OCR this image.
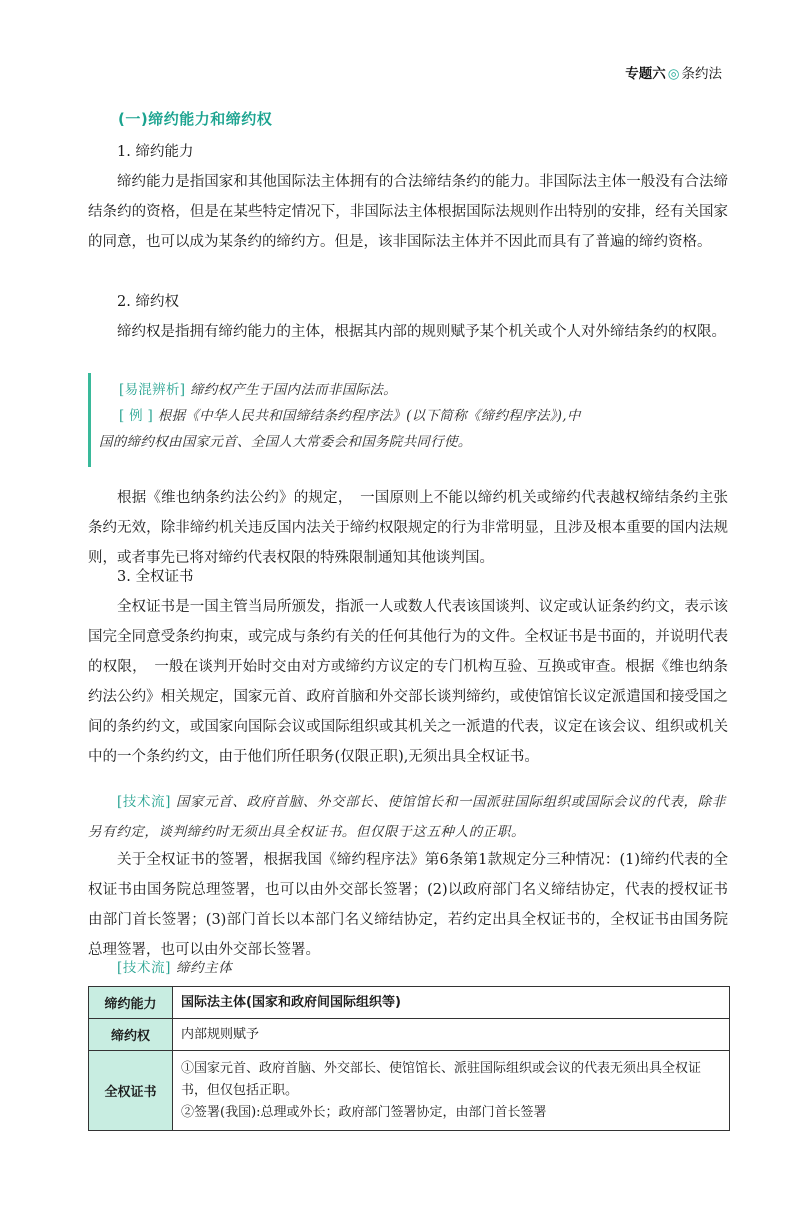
专题六 ◎ 条约法
(一)缔约能力和缔约权
1. 缔约能力

缔约能力是指国家和其他国际法主体拥有的合法缔结条约的能力。非国际法主体一般没有合法缔结条约的资格，但是在某些特定情况下，非国际法主体根据国际法规则作出特别的安排，经有关国家的同意，也可以成为某条约的缔约方。但是，该非国际法主体并不因此而具有了普遍的缔约资格。

2. 缔约权

缔约权是指拥有缔约能力的主体，根据其内部的规则赋予某个机关或个人对外缔结条约的权限。

[易混辨析] 缔约权产生于国内法而非国际法。
[ 例 ] 根据《中华人民共和国缔结条约程序法》(以下简称《缔约程序法》),中
国的缔约权由国家元首、全国人大常委会和国务院共同行使。

根据《维也纳条约法公约》的规定，　一国原则上不能以缔约机关或缔约代表越权缔结条约主张条约无效，除非缔约机关违反国内法关于缔约权限规定的行为非常明显，且涉及根本重要的国内法规则，或者事先已将对缔约代表权限的特殊限制通知其他谈判国。

3. 全权证书

全权证书是一国主管当局所颁发，指派一人或数人代表该国谈判、议定或认证条约约文，表示该国完全同意受条约拘束，或完成与条约有关的任何其他行为的文件。全权证书是书面的，并说明代表的权限，　一般在谈判开始时交由对方或缔约方议定的专门机构互验、互换或审查。根据《维也纳条约法公约》相关规定，国家元首、政府首脑和外交部长谈判缔约，或使馆馆长议定派遣国和接受国之间的条约约文，或国家向国际会议或国际组织或其机关之一派遣的代表，议定在该会议、组织或机关中的一个条约约文，由于他们所任职务(仅限正职),无须出具全权证书。

[技术流] 国家元首、政府首脑、外交部长、使馆馆长和一国派驻国际组织或国际会议的代表，除非另有约定，谈判缔约时无须出具全权证书。但仅限于这五种人的正职。

关于全权证书的签署，根据我国《缔约程序法》第6条第1款规定分三种情况：(1)缔约代表的全权证书由国务院总理签署，也可以由外交部长签署；(2)以政府部门名义缔结协定，代表的授权证书由部门首长签署；(3)部门首长以本部门名义缔结协定，若约定出具全权证书的，全权证书由国务院总理签署，也可以由外交部长签署。

[技术流] 缔约主体
缔约能力	国际法主体(国家和政府间国际组织等)
缔约权	内部规则赋予
全权证书	①国家元首、政府首脑、外交部长、使馆馆长、派驻国际组织或会议的代表无须出具全权证书，但仅包括正职。
②签署(我国):总理或外长；政府部门签署协定，由部门首长签署
